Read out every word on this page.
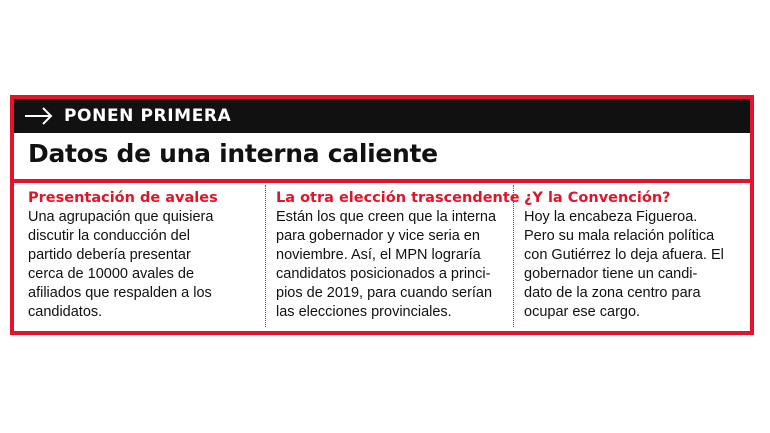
PONEN PRIMERA
Datos de una interna caliente
Presentación de avales

Una agrupación que quisiera
discutir la conducción del
partido debería presentar
cerca de 10000 avales de
afiliados que respalden a los
candidatos.

La otra elección trascendente

Están los que creen que la interna
para gobernador y vice seria en
noviembre. Así, el MPN lograría
candidatos posicionados a princi-
pios de 2019, para cuando serían
las elecciones provinciales.

¿Y la Convención?

Hoy la encabeza Figueroa.
Pero su mala relación política
con Gutiérrez lo deja afuera. El
gobernador tiene un candi-
dato de la zona centro para
ocupar ese cargo.
